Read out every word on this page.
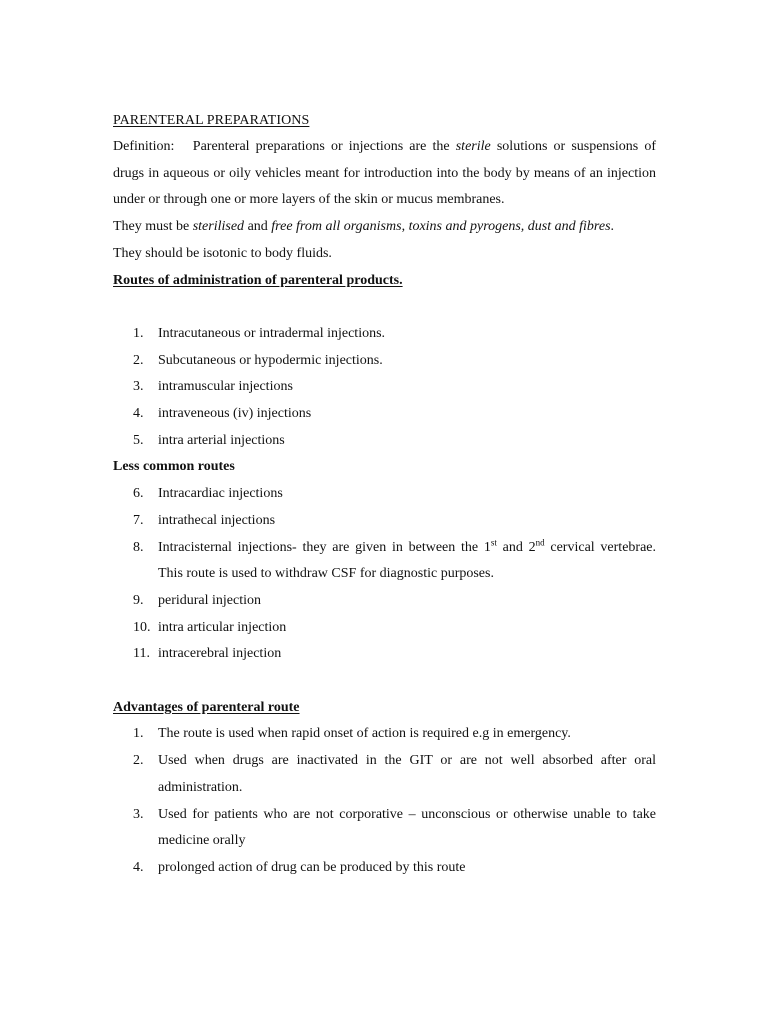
PARENTERAL PREPARATIONS
Definition: Parenteral preparations or injections are the sterile solutions or suspensions of drugs in aqueous or oily vehicles meant for introduction into the body by means of an injection under or through one or more layers of the skin or mucus membranes.
They must be sterilised and free from all organisms, toxins and pyrogens, dust and fibres.
They should be isotonic to body fluids.
Routes of administration of parenteral products.
1. Intracutaneous or intradermal injections.
2. Subcutaneous or hypodermic injections.
3. intramuscular injections
4. intraveneous (iv) injections
5. intra arterial injections
Less common routes
6. Intracardiac injections
7. intrathecal injections
8. Intracisternal injections- they are given in between the 1st and 2nd cervical vertebrae. This route is used to withdraw CSF for diagnostic purposes.
9. peridural injection
10. intra articular injection
11. intracerebral injection
Advantages of parenteral route
1. The route is used when rapid onset of action is required e.g in emergency.
2. Used when drugs are inactivated in the GIT or are not well absorbed after oral administration.
3. Used for patients who are not corporative – unconscious or otherwise unable to take medicine orally
4. prolonged action of drug can be produced by this route
